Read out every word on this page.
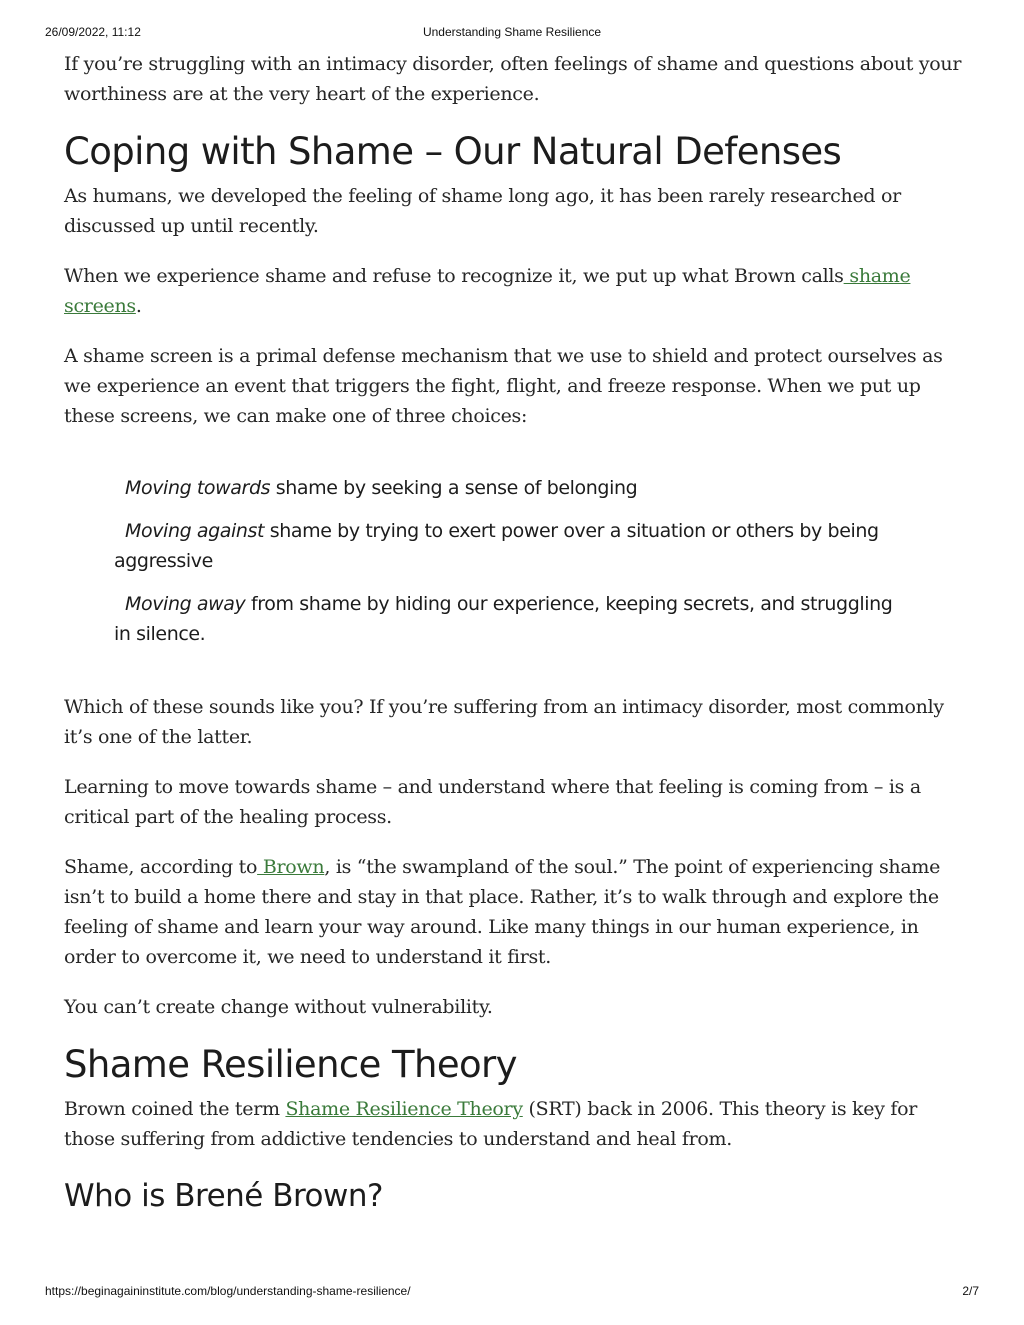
26/09/2022, 11:12	Understanding Shame Resilience

If you’re struggling with an intimacy disorder, often feelings of shame and questions about your worthiness are at the very heart of the experience.

Coping with Shame – Our Natural Defenses

As humans, we developed the feeling of shame long ago, it has been rarely researched or discussed up until recently.

When we experience shame and refuse to recognize it, we put up what Brown calls shame screens.

A shame screen is a primal defense mechanism that we use to shield and protect ourselves as we experience an event that triggers the fight, flight, and freeze response. When we put up these screens, we can make one of three choices:

Moving towards shame by seeking a sense of belonging
Moving against shame by trying to exert power over a situation or others by being aggressive
Moving away from shame by hiding our experience, keeping secrets, and struggling in silence.

Which of these sounds like you? If you’re suffering from an intimacy disorder, most commonly it’s one of the latter.

Learning to move towards shame – and understand where that feeling is coming from – is a critical part of the healing process.

Shame, according to Brown, is “the swampland of the soul.” The point of experiencing shame isn’t to build a home there and stay in that place. Rather, it’s to walk through and explore the feeling of shame and learn your way around. Like many things in our human experience, in order to overcome it, we need to understand it first.

You can’t create change without vulnerability.

Shame Resilience Theory

Brown coined the term Shame Resilience Theory (SRT) back in 2006. This theory is key for those suffering from addictive tendencies to understand and heal from.

Who is Brené Brown?
https://beginagaininstitute.com/blog/understanding-shame-resilience/	2/7
